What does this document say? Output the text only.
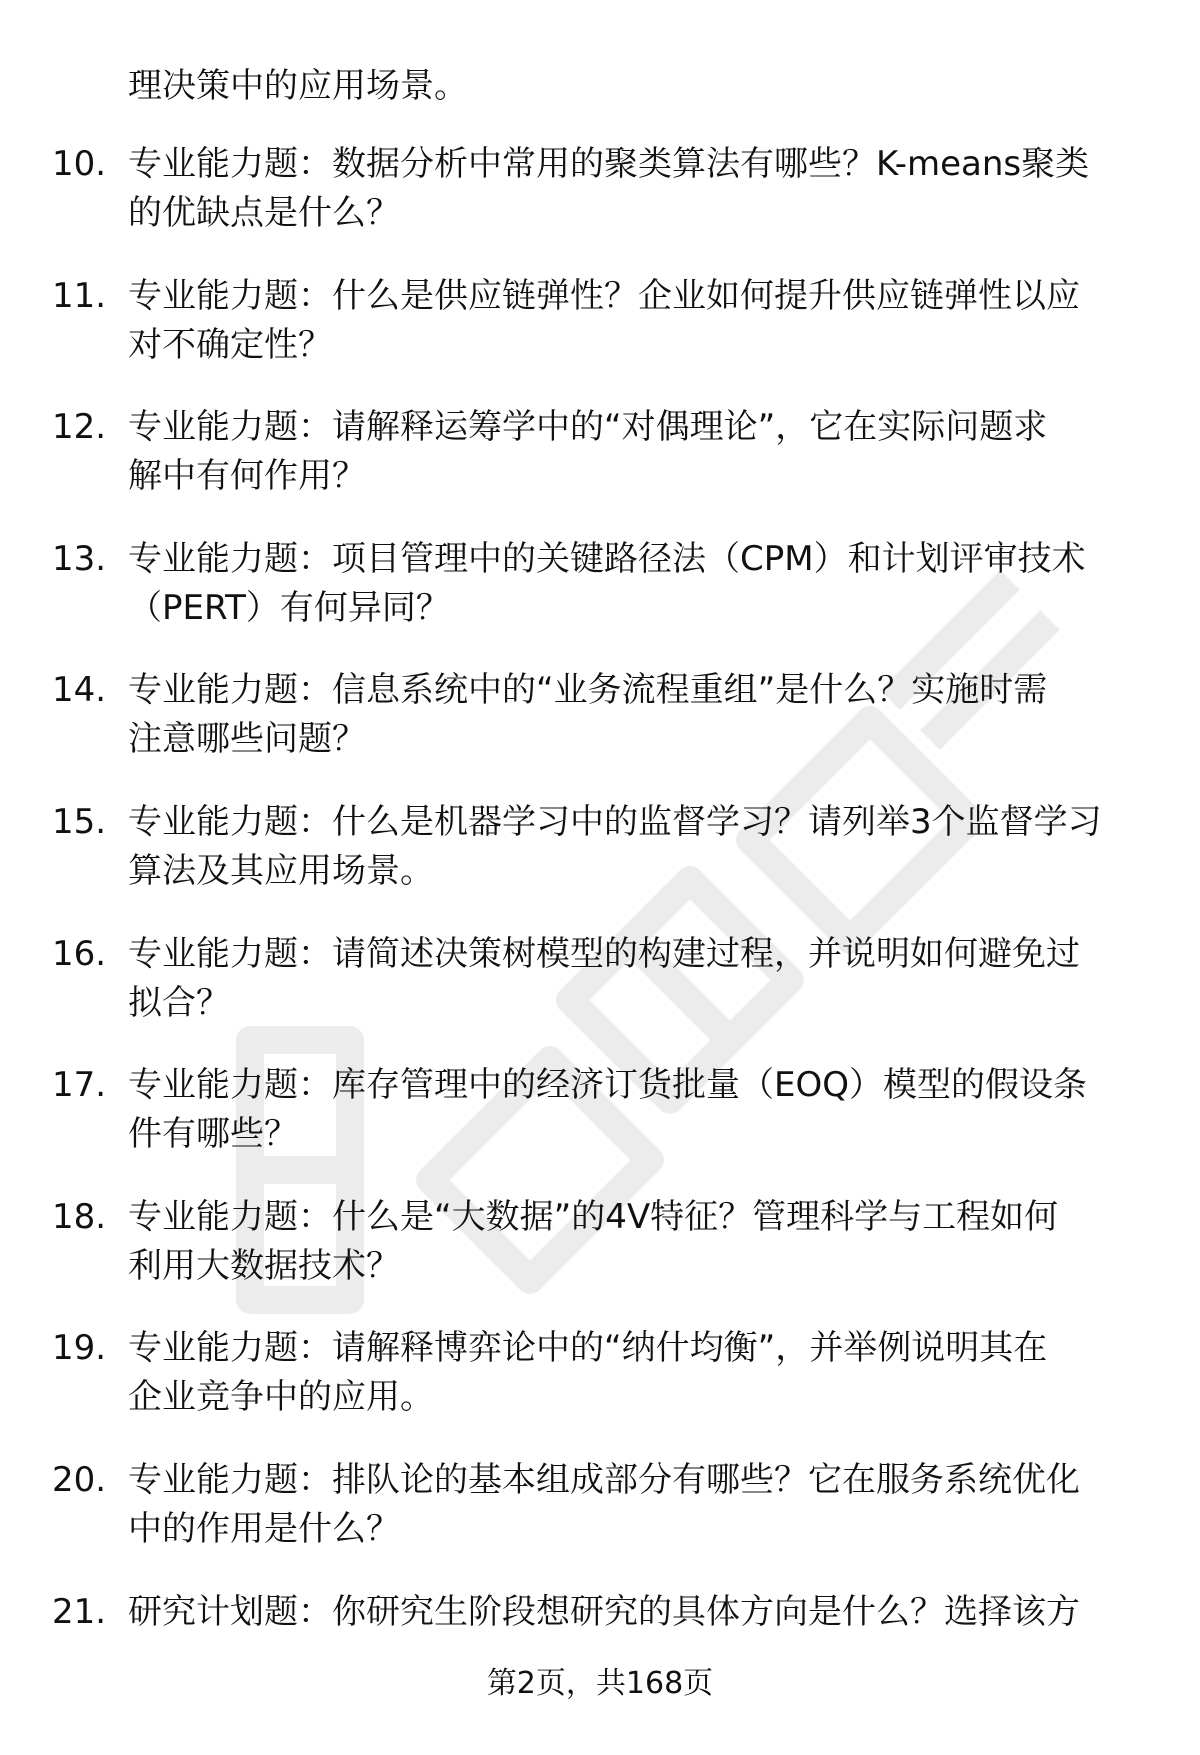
理决策中的应用场景。
10. 专业能力题：数据分析中常用的聚类算法有哪些？K-means聚类
的优缺点是什么？
11. 专业能力题：什么是供应链弹性？企业如何提升供应链弹性以应
对不确定性？
12. 专业能力题：请解释运筹学中的“对偶理论”，它在实际问题求
解中有何作用？
13. 专业能力题：项目管理中的关键路径法（CPM）和计划评审技术
（PERT）有何异同？
14. 专业能力题：信息系统中的“业务流程重组”是什么？实施时需
注意哪些问题？
15. 专业能力题：什么是机器学习中的监督学习？请列举3个监督学习
算法及其应用场景。
16. 专业能力题：请简述决策树模型的构建过程，并说明如何避免过
拟合？
17. 专业能力题：库存管理中的经济订货批量（EOQ）模型的假设条
件有哪些？
18. 专业能力题：什么是“大数据”的4V特征？管理科学与工程如何
利用大数据技术？
19. 专业能力题：请解释博弈论中的“纳什均衡”，并举例说明其在
企业竞争中的应用。
20. 专业能力题：排队论的基本组成部分有哪些？它在服务系统优化
中的作用是什么？
21. 研究计划题：你研究生阶段想研究的具体方向是什么？选择该方
第2页，共168页
